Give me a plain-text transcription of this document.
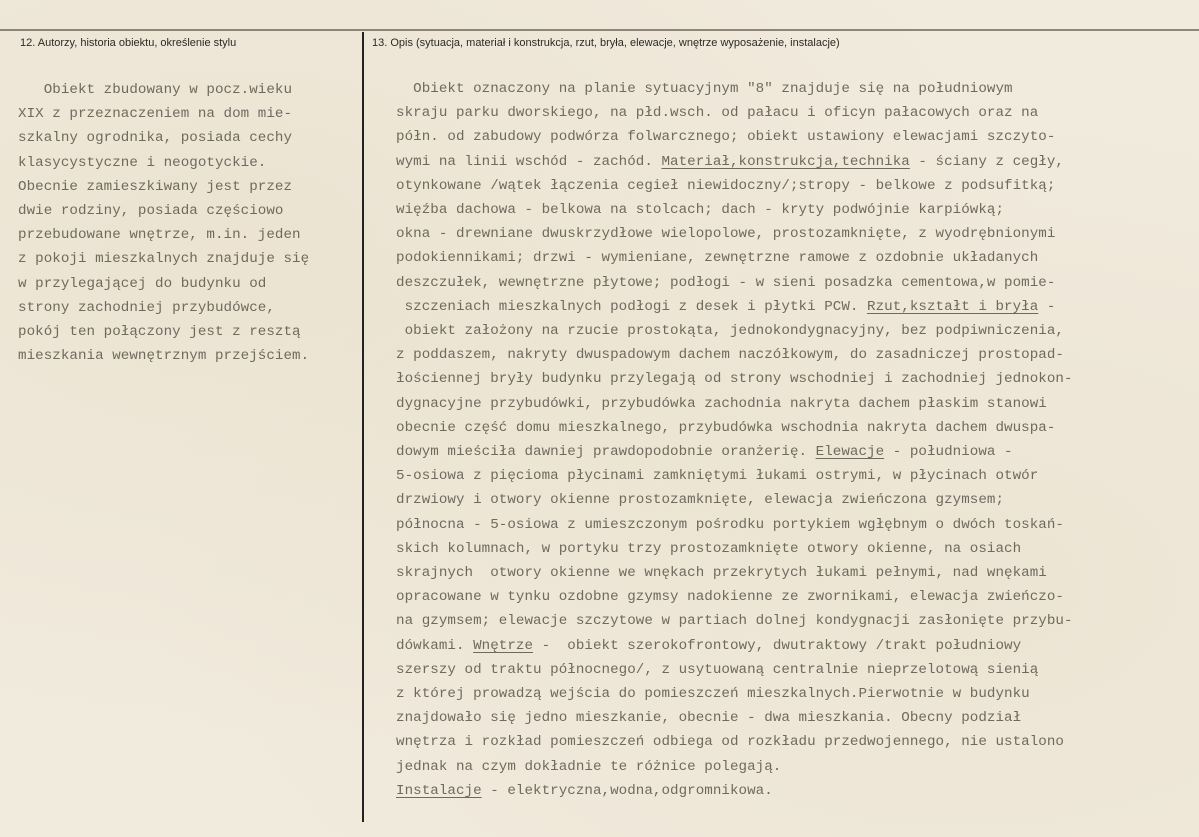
12. Autorzy, historia obiektu, określenie stylu	13. Opis (sytuacja, materiał i konstrukcja, rzut, bryła, elewacje, wnętrze wyposażenie, instalacje)
Obiekt zbudowany w pocz.wieku
XIX z przeznaczeniem na dom mie-
szkalny ogrodnika, posiada cechy
klasycystyczne i neogotyckie.
Obecnie zamieszkiwany jest przez
dwie rodziny, posiada częściowo
przebudowane wnętrze, m.in. jeden
z pokoji mieszkalnych znajduje się
w przylegającej do budynku od
strony zachodniej przybudówce,
pokój ten połączony jest z resztą
mieszkania wewnętrznym przejściem.
Obiekt oznaczony na planie sytuacyjnym "8" znajduje się na południowym
skraju parku dworskiego, na płd.wsch. od pałacu i oficyn pałacowych oraz na
półn. od zabudowy podwórza folwarcznego; obiekt ustawiony elewacjami szczyto-
wymi na linii wschód - zachód. Materiał,konstrukcja,technika - ściany z cegły,
otynkowane /wątek łączenia cegieł niewidoczny/;stropy - belkowe z podsufitką;
więźba dachowa - belkowa na stolcach; dach - kryty podwójnie karpiówką;
okna - drewniane dwuskrzydłowe wielopolowe, prostozamknięte, z wyodrębnionymi
podokiennikami; drzwi - wymieniane, zewnętrzne ramowe z ozdobnie układanych
deszczułek, wewnętrzne płytowe; podłogi - w sieni posadzka cementowa,w pomie-
szczeniach mieszkalnych podłogi z desek i płytki PCW. Rzut,kształt i bryła -
obiekt założony na rzucie prostokąta, jednokondygnacyjny, bez podpiwniczenia,
z poddaszem, nakryty dwuspadowym dachem naczółkowym, do zasadniczej prostopad-
łościennej bryły budynku przylegają od strony wschodniej i zachodniej jednokon-
dygnacyjne przybudówki, przybudówka zachodnia nakryta dachem płaskim stanowi
obecnie część domu mieszkalnego, przybudówka wschodnia nakryta dachem dwuspa-
dowym mieściła dawniej prawdopodobnie oranżerię. Elewacje - południowa -
5-osiowa z pięcioma płycinami zamkniętymi łukami ostrymi, w płycinach otwór
drzwiowy i otwory okienne prostozamknięte, elewacja zwieńczona gzymsem;
północna - 5-osiowa z umieszczonym pośrodku portykiem wgłębnym o dwóch toskań-
skich kolumnach, w portyku trzy prostozamknięte otwory okienne, na osiach
skrajnych  otwory okienne we wnękach przekrytych łukami pełnymi, nad wnękami
opracowane w tynku ozdobne gzymsy nadokienne ze zwornikami, elewacja zwieńczo-
na gzymsem; elewacje szczytowe w partiach dolnej kondygnacji zasłonięte przybu-
dówkami. Wnętrze -  obiekt szerokofrontowy, dwutraktowy /trakt południowy
szerszy od traktu północnego/, z usytuowaną centralnie nieprzelotową sienią
z której prowadzą wejścia do pomieszczeń mieszkalnych.Pierwotnie w budynku
znajdowało się jedno mieszkanie, obecnie - dwa mieszkania. Obecny podział
wnętrza i rozkład pomieszczeń odbiega od rozkładu przedwojennego, nie ustalono
jednak na czym dokładnie te różnice polegają.
Instalacje - elektryczna,wodna,odgromnikowa.
